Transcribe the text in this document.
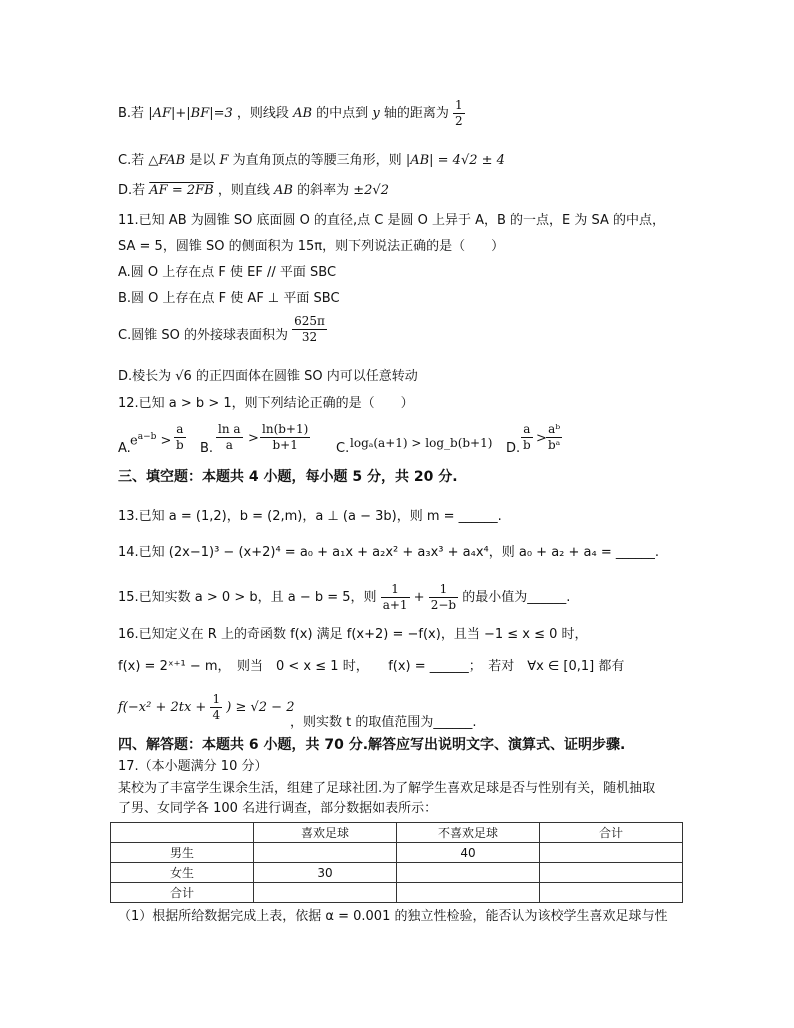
B.若 |AF|+|BF|=3 ，则线段 AB 的中点到 y 轴的距离为 $\frac{1}{2}$
C.若 △FAB 是以 F 为直角顶点的等腰三角形，则 |AB| = 4√2 ± 4
D.若 AF = 2FB ，则直线 AB 的斜率为 ±2√2
11.已知 AB 为圆锥 SO 底面圆 O 的直径,点 C 是圆 O 上异于 A，B 的一点，E 为 SA 的中点，
SA = 5，圆锥 SO 的侧面积为 15π，则下列说法正确的是（　　）
A.圆 O 上存在点 F 使 EF // 平面 SBC
B.圆 O 上存在点 F 使 AF ⊥ 平面 SBC
C.圆锥 SO 的外接球表面积为 $\frac{625\pi}{32}$
D.棱长为 √6 的正四面体在圆锥 SO 内可以任意转动
12.已知 a > b > 1，则下列结论正确的是（　　）
A.
$e^{a-b} > \frac{a}{b} B$. $\frac{\text{ln a}}{a} > \frac{\ln(b+1)}{b+1} C$. logₐ(a+1) > log_b(b+1) D. $\frac{a}{b} > \frac{\text{aᵇ}}{\text{bᵃ}}$
三、填空题：本题共 4 小题，每小题 5 分，共 20 分.
13.已知 a = (1,2)，b = (2,m)，a ⊥ (a − 3b)，则 m = ______.
14.已知 (2x−1)³ − (x+2)⁴ = a₀ + a₁x + a₂x² + a₃x³ + a₄x⁴，则 a₀ + a₂ + a₄ = ______.
15.已知实数 a > 0 > b，且 a − b = 5，则 $\frac{1}{a+1} + \frac{1}{2-b}$ 的最小值为______.
16.已知定义在 R 上的奇函数 f(x) 满足 f(x+2) = −f(x)，且当 −1 ≤ x ≤ 0 时，
f(x) = 2ˣ⁺¹ − m，　则当　0 < x ≤ 1 时，　　f(x) = ______；　若对　∀x ∈ [0,1] 都有
$f(-x^2 + 2tx + \frac{1}{4}$ ) ≥ √2 − 2
，则实数 t 的取值范围为______.
四、解答题：本题共 6 小题，共 70 分.解答应写出说明文字、演算式、证明步骤.
17.（本小题满分 10 分）
某校为了丰富学生课余生活，组建了足球社团.为了解学生喜欢足球是否与性别有关，随机抽取
了男、女同学各 100 名进行调查，部分数据如表所示：
	喜欢足球	不喜欢足球	合计
男生		40	
女生	30		
合计			
（1）根据所给数据完成上表，依据 α = 0.001 的独立性检验，能否认为该校学生喜欢足球与性
